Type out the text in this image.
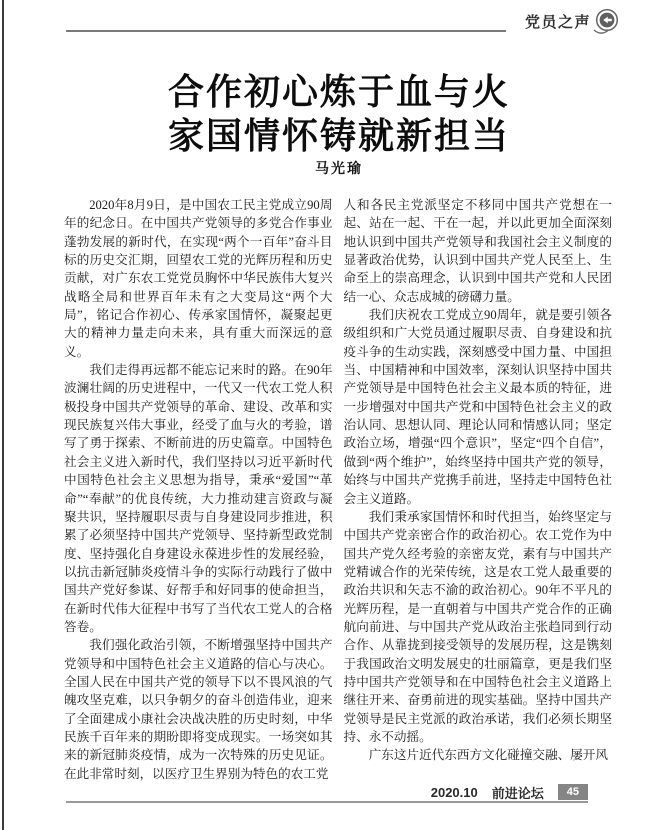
党员之声
合作初心炼于血与火
家国情怀铸就新担当
马光瑜

2020年8月9日，是中国农工民主党成立90周年的纪念日。在中国共产党领导的多党合作事业蓬勃发展的新时代，在实现“两个一百年”奋斗目标的历史交汇期，回望农工党的光辉历程和历史贡献，对广东农工党党员胸怀中华民族伟大复兴战略全局和世界百年未有之大变局这“两个大局”，铭记合作初心、传承家国情怀，凝聚起更大的精神力量走向未来，具有重大而深远的意义。

我们走得再远都不能忘记来时的路。在90年波澜壮阔的历史进程中，一代又一代农工党人积极投身中国共产党领导的革命、建设、改革和实现民族复兴伟大事业，经受了血与火的考验，谱写了勇于探索、不断前进的历史篇章。中国特色社会主义进入新时代，我们坚持以习近平新时代中国特色社会主义思想为指导，秉承“爱国”“革命”“奉献”的优良传统，大力推动建言资政与凝聚共识，坚持履职尽责与自身建设同步推进，积累了必须坚持中国共产党领导、坚持新型政党制度、坚持强化自身建设永葆进步性的发展经验，以抗击新冠肺炎疫情斗争的实际行动践行了做中国共产党好参谋、好帮手和好同事的使命担当，在新时代伟大征程中书写了当代农工党人的合格答卷。

我们强化政治引领，不断增强坚持中国共产党领导和中国特色社会主义道路的信心与决心。全国人民在中国共产党的领导下以不畏风浪的气魄攻坚克难，以只争朝夕的奋斗创造伟业，迎来了全面建成小康社会决战决胜的历史时刻，中华民族千百年来的期盼即将变成现实。一场突如其来的新冠肺炎疫情，成为一次特殊的历史见证。在此非常时刻，以医疗卫生界别为特色的农工党

人和各民主党派坚定不移同中国共产党想在一起、站在一起、干在一起，并以此更加全面深刻地认识到中国共产党领导和我国社会主义制度的显著政治优势，认识到中国共产党人民至上、生命至上的崇高理念，认识到中国共产党和人民团结一心、众志成城的磅礴力量。

我们庆祝农工党成立90周年，就是要引领各级组织和广大党员通过履职尽责、自身建设和抗疫斗争的生动实践，深刻感受中国力量、中国担当、中国精神和中国效率，深刻认识坚持中国共产党领导是中国特色社会主义最本质的特征，进一步增强对中国共产党和中国特色社会主义的政治认同、思想认同、理论认同和情感认同；坚定政治立场，增强“四个意识”，坚定“四个自信”，做到“两个维护”，始终坚持中国共产党的领导，始终与中国共产党携手前进，坚持走中国特色社会主义道路。

我们秉承家国情怀和时代担当，始终坚定与中国共产党亲密合作的政治初心。农工党作为中国共产党久经考验的亲密友党，素有与中国共产党精诚合作的光荣传统，这是农工党人最重要的政治共识和矢志不渝的政治初心。90年不平凡的光辉历程，是一直朝着与中国共产党合作的正确航向前进、与中国共产党从政治主张趋同到行动合作、从靠拢到接受领导的发展历程，这是镌刻于我国政治文明发展史的壮丽篇章，更是我们坚持中国共产党领导和在中国特色社会主义道路上继往开来、奋勇前进的现实基础。坚持中国共产党领导是民主党派的政治承诺，我们必须长期坚持、永不动摇。

广东这片近代东西方文化碰撞交融、屡开风

2020.10 前进论坛	45
